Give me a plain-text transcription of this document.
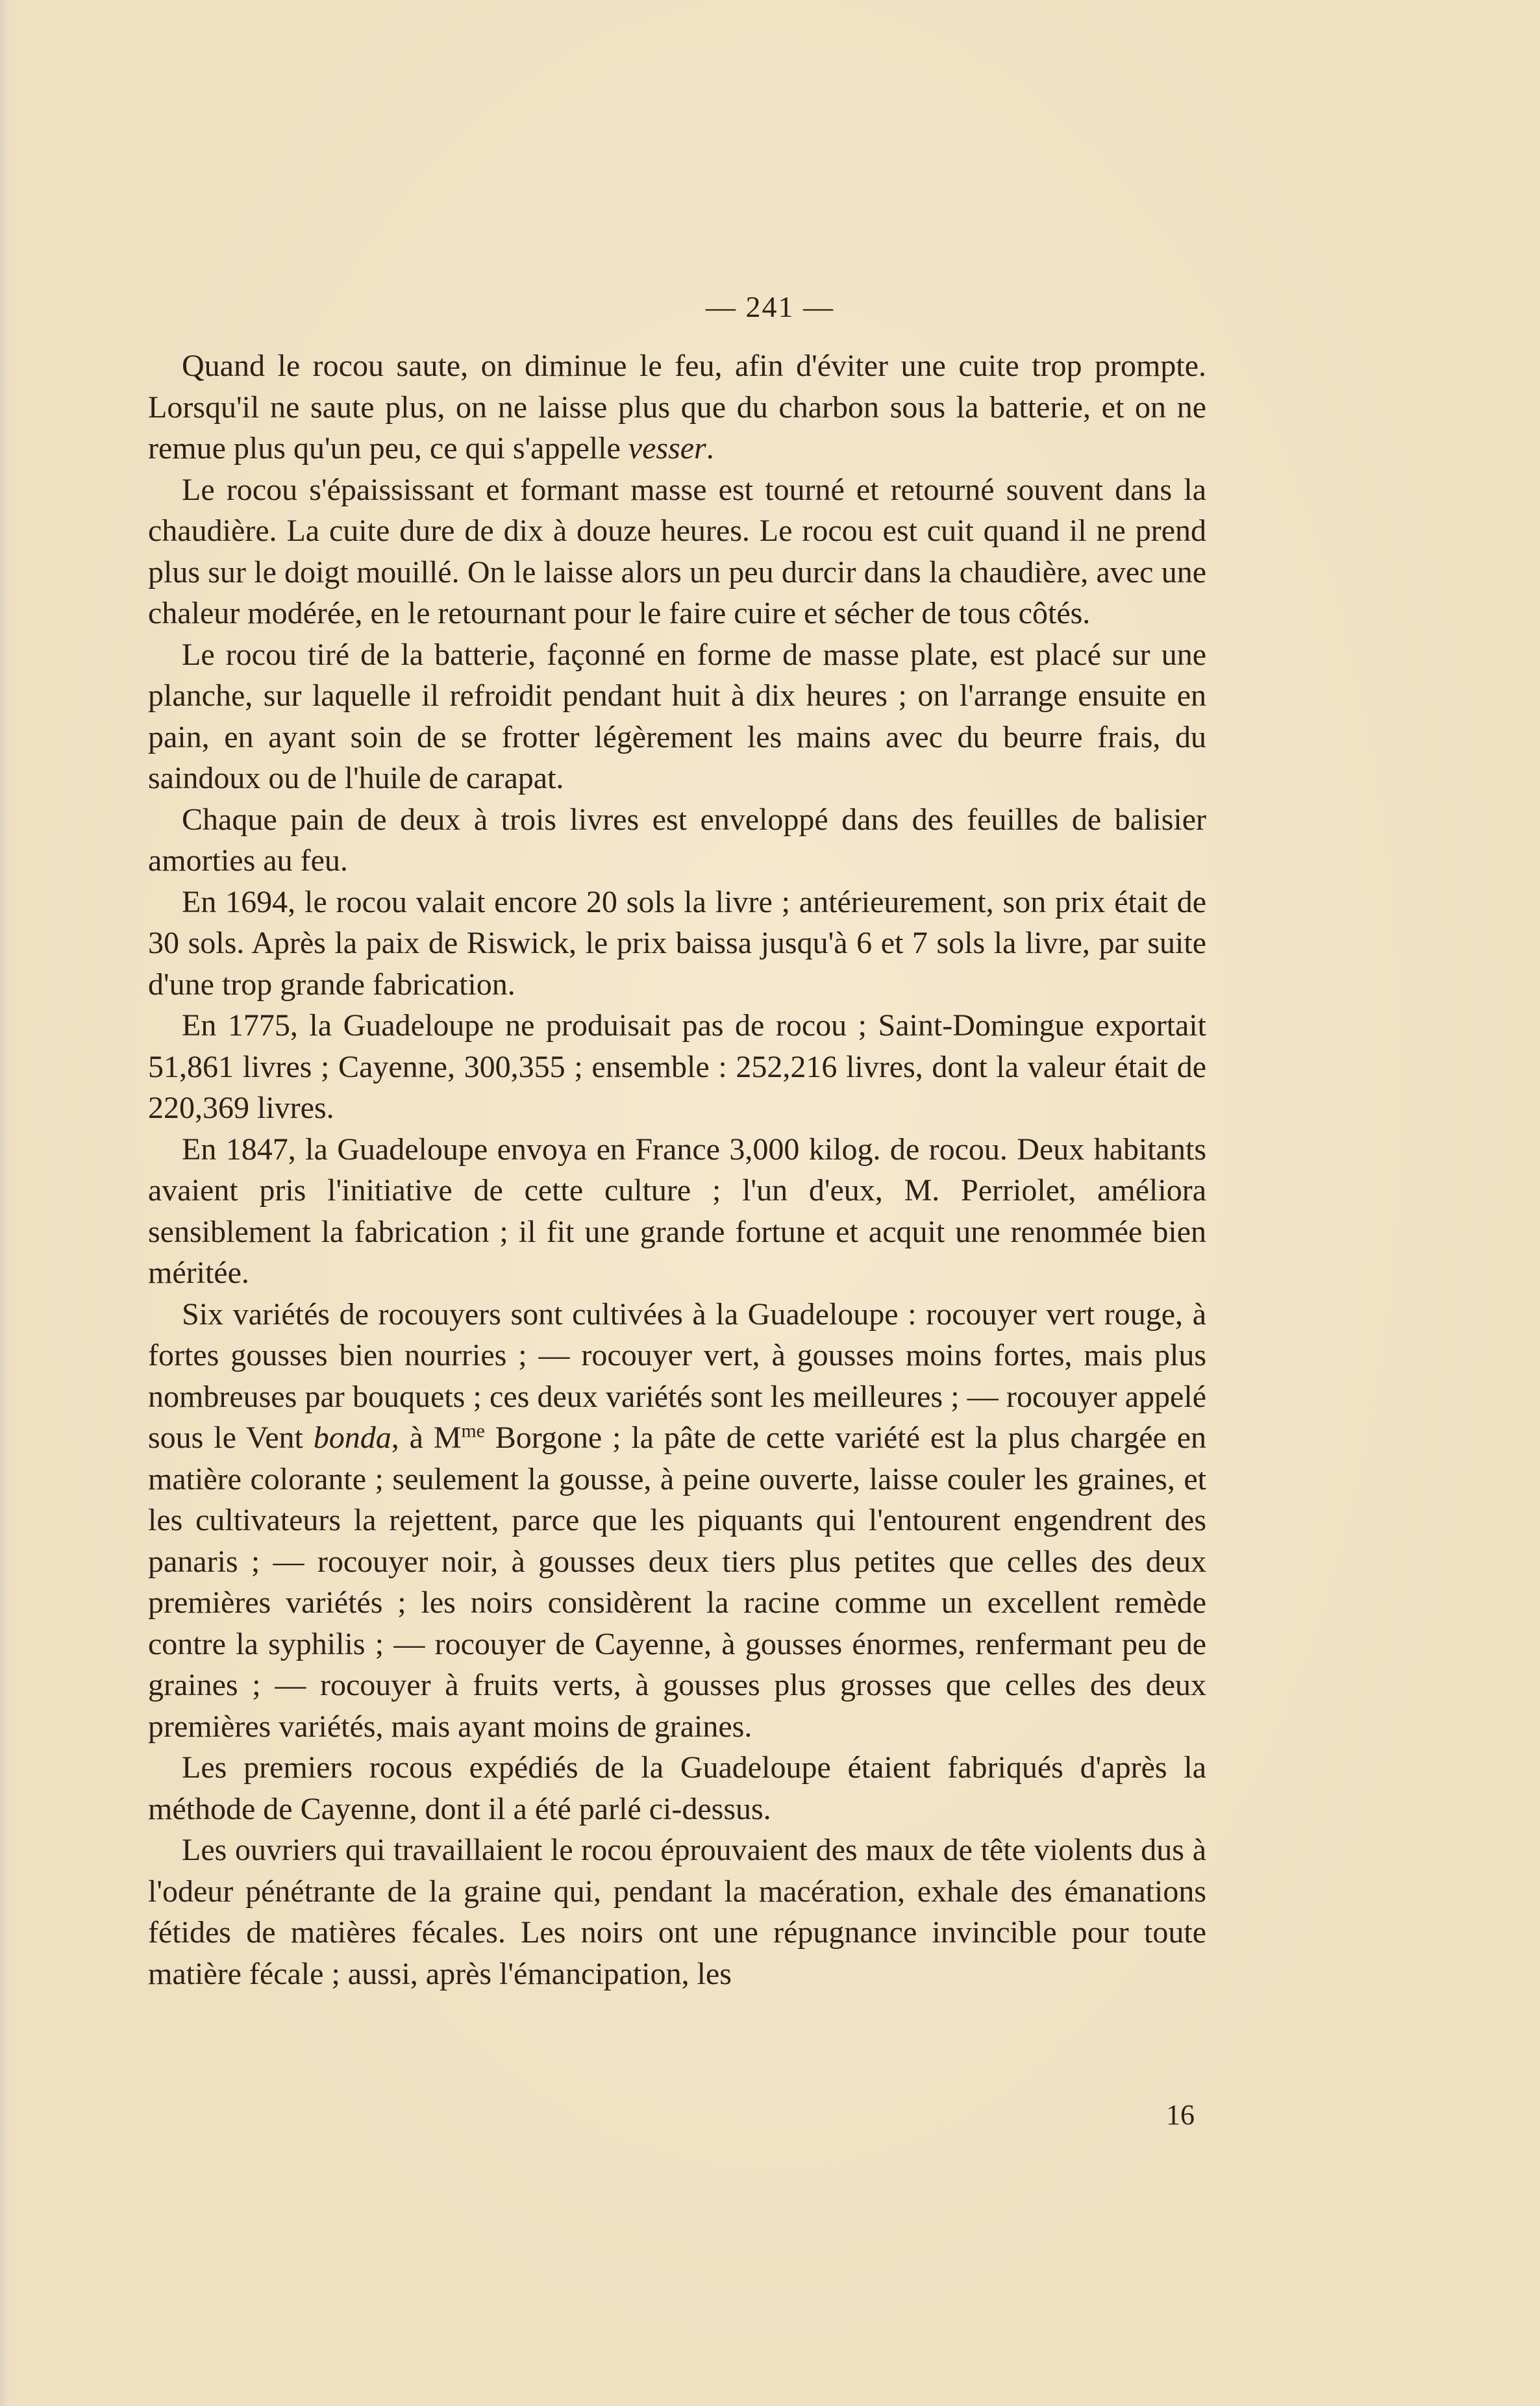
— 241 —

Quand le rocou saute, on diminue le feu, afin d'éviter une cuite trop prompte. Lorsqu'il ne saute plus, on ne laisse plus que du charbon sous la batterie, et on ne remue plus qu'un peu, ce qui s'appelle vesser.

Le rocou s'épaississant et formant masse est tourné et retourné souvent dans la chaudière. La cuite dure de dix à douze heures. Le rocou est cuit quand il ne prend plus sur le doigt mouillé. On le laisse alors un peu durcir dans la chaudière, avec une chaleur modérée, en le retournant pour le faire cuire et sécher de tous côtés.

Le rocou tiré de la batterie, façonné en forme de masse plate, est placé sur une planche, sur laquelle il refroidit pendant huit à dix heures ; on l'arrange ensuite en pain, en ayant soin de se frotter légèrement les mains avec du beurre frais, du saindoux ou de l'huile de carapat.

Chaque pain de deux à trois livres est enveloppé dans des feuilles de balisier amorties au feu.

En 1694, le rocou valait encore 20 sols la livre ; antérieurement, son prix était de 30 sols. Après la paix de Riswick, le prix baissa jusqu'à 6 et 7 sols la livre, par suite d'une trop grande fabrication.

En 1775, la Guadeloupe ne produisait pas de rocou ; Saint-Domingue exportait 51,861 livres ; Cayenne, 300,355 ; ensemble : 252,216 livres, dont la valeur était de 220,369 livres.

En 1847, la Guadeloupe envoya en France 3,000 kilog. de rocou. Deux habitants avaient pris l'initiative de cette culture ; l'un d'eux, M. Perriolet, améliora sensiblement la fabrication ; il fit une grande fortune et acquit une renommée bien méritée.

Six variétés de rocouyers sont cultivées à la Guadeloupe : rocouyer vert rouge, à fortes gousses bien nourries ; — rocouyer vert, à gousses moins fortes, mais plus nombreuses par bouquets ; ces deux variétés sont les meilleures ; — rocouyer appelé sous le Vent bonda, à $M^{me}$ Borgone ; la pâte de cette variété est la plus chargée en matière colorante ; seulement la gousse, à peine ouverte, laisse couler les graines, et les cultivateurs la rejettent, parce que les piquants qui l'entourent engendrent des panaris ; — rocouyer noir, à gousses deux tiers plus petites que celles des deux premières variétés ; les noirs considèrent la racine comme un excellent remède contre la syphilis ; — rocouyer de Cayenne, à gousses énormes, renfermant peu de graines ; — rocouyer à fruits verts, à gousses plus grosses que celles des deux premières variétés, mais ayant moins de graines.

Les premiers rocous expédiés de la Guadeloupe étaient fabriqués d'après la méthode de Cayenne, dont il a été parlé ci-dessus.

Les ouvriers qui travaillaient le rocou éprouvaient des maux de tête violents dus à l'odeur pénétrante de la graine qui, pendant la macération, exhale des émanations fétides de matières fécales. Les noirs ont une répugnance invincible pour toute matière fécale ; aussi, après l'émancipation, les

16
